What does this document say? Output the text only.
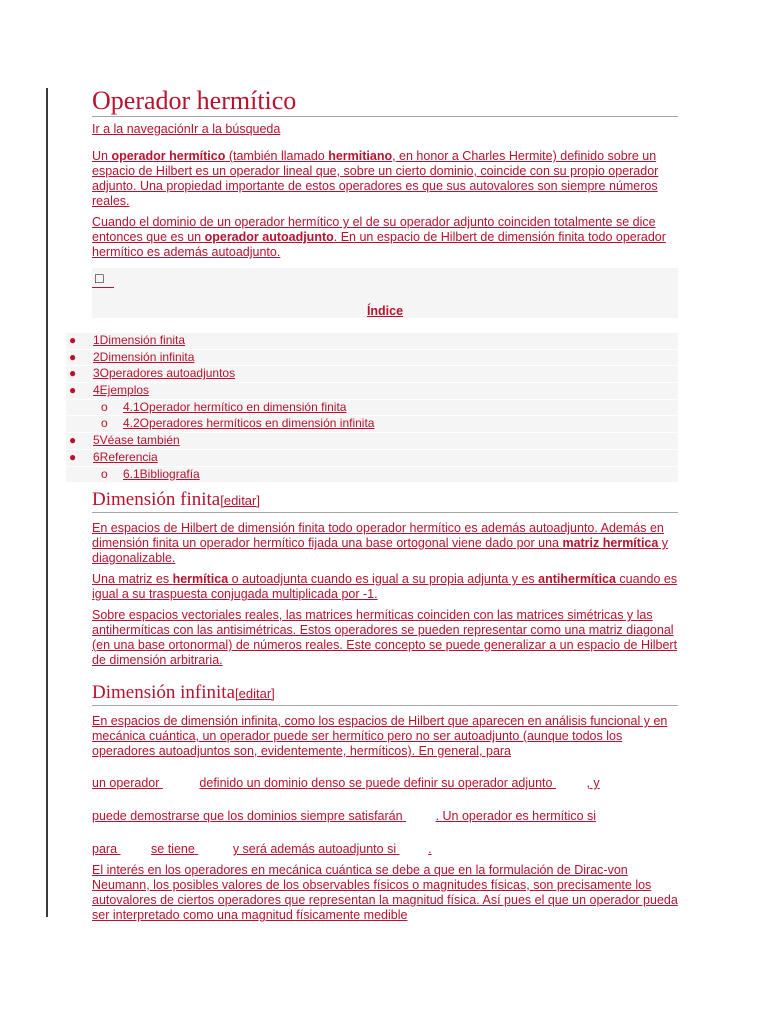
Operador hermítico
Ir a la navegaciónIr a la búsqueda

Un operador hermítico (también llamado hermitiano, en honor a Charles Hermite) definido sobre un espacio de Hilbert es un operador lineal que, sobre un cierto dominio, coincide con su propio operador adjunto. Una propiedad importante de estos operadores es que sus autovalores son siempre números reales.

Cuando el dominio de un operador hermítico y el de su operador adjunto coinciden totalmente se dice entonces que es un operador autoadjunto. En un espacio de Hilbert de dimensión finita todo operador hermítico es además autoadjunto.

☐
Índice
● 1Dimensión finita
● 2Dimensión infinita
● 3Operadores autoadjuntos
● 4Ejemplos
o 4.1Operador hermítico en dimensión finita
o 4.2Operadores hermíticos en dimensión infinita
● 5Véase también
● 6Referencia
o 6.1Bibliografía
Dimensión finita[editar]

En espacios de Hilbert de dimensión finita todo operador hermítico es además autoadjunto. Además en dimensión finita un operador hermítico fijada una base ortogonal viene dado por una matriz hermítica y diagonalizable.

Una matriz es hermítica o autoadjunta cuando es igual a su propia adjunta y es antihermítica cuando es igual a su traspuesta conjugada multiplicada por -1.

Sobre espacios vectoriales reales, las matrices hermíticas coinciden con las matrices simétricas y las antihermíticas con las antisimétricas. Estos operadores se pueden representar como una matriz diagonal (en una base ortonormal) de números reales. Este concepto se puede generalizar a un espacio de Hilbert de dimensión arbitraria.

Dimensión infinita[editar]

En espacios de dimensión infinita, como los espacios de Hilbert que aparecen en análisis funcional y en mecánica cuántica, un operador puede ser hermítico pero no ser autoadjunto (aunque todos los operadores autoadjuntos son, evidentemente, hermíticos). En general, para

un operador	definido un dominio denso se puede definir su operador adjunto	, y

puede demostrarse que los dominios siempre satisfarán	. Un operador es hermítico si

para	se tiene	y será además autoadjunto si	.

El interés en los operadores en mecánica cuántica se debe a que en la formulación de Dirac-von Neumann, los posibles valores de los observables físicos o magnitudes físicas, son precisamente los autovalores de ciertos operadores que representan la magnitud física. Así pues el que un operador pueda ser interpretado como una magnitud físicamente medible
